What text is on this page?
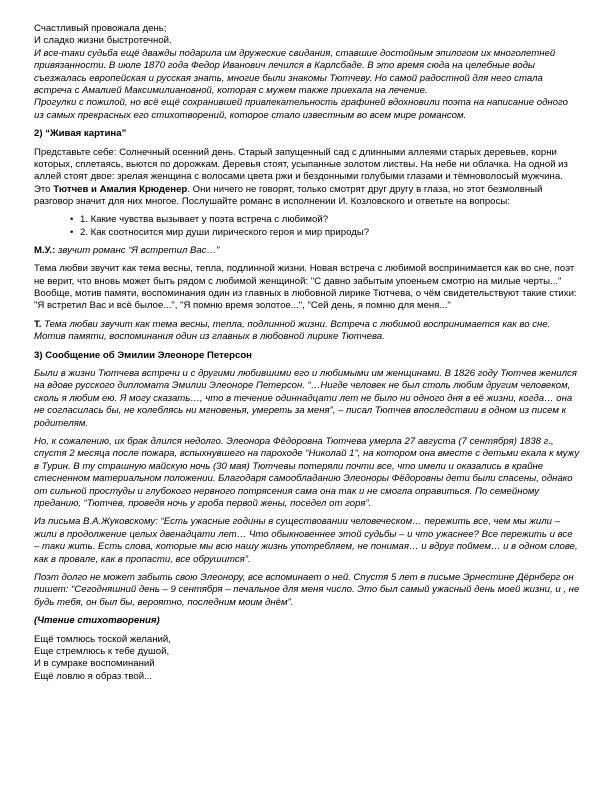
Счастливый провожала день;

И сладко жизни быстротечной.

И все-таки судьба ещё дважды подарила им дружеские свидания, ставшие достойным эпилогом их многолетней привязанности. В июле 1870 года Федор Иванович лечился в Карлсбаде. В это время сюда на целебные воды съезжалась европейская и русская знать, многие были знакомы Тютчеву. Но самой радостной для него стала встреча с Амалией Максимилиановной, которая с мужем также приехала на лечение.

Прогулки с пожилой, но всё ещё сохранившей привлекательность графиней вдохновили поэта на написание одного из самых прекрасных его стихотворений, которое стало известным во всем мире романсом.

2) “Живая картина”

Представьте себе: Солнечный осенний день. Старый запущенный сад с длинными аллеями старых деревьев, корни которых, сплетаясь, вьются по дорожкам. Деревья стоят, усыпанные золотом листвы. На небе ни облачка. На одной из аллей стоят двое: зрелая женщина с волосами цвета ржи и бездонными голубыми глазами и тёмноволосый мужчина. Это Тютчев и Амалия Крюденер. Они ничего не говорят, только смотрят друг другу в глаза, но этот безмолвный разговор значит для них многое. Послушайте романс в исполнении И. Козловского и ответьте на вопросы:

• 1. Какие чувства вызывает у поэта встреча с любимой?
• 2. Как соотносится мир души лирического героя и мир природы?

М.У.: звучит романс “Я встретил Вас…”

Тема любви звучит как тема весны, тепла, подлинной жизни. Новая встреча с любимой воспринимается как во сне, поэт не верит, что вновь может быть рядом с любимой женщиной: "С давно забытым упоеньем смотрю на милые черты..." Вообще, мотив памяти, воспоминания один из главных в любовной лирике Тютчева, о чём свидетельствуют такие стихи: "Я встретил Вас и всё былое...", "Я помню время золотое...", "Сей день, я помню для меня..."

Т. Тема любви звучит как тема весны, тепла, подлинной жизни. Встреча с любимой воспринимается как во сне. Мотив памяти, воспоминания один из главных в любовной лирике Тютчева.

3) Сообщение об Эмилии Элеоноре Петерсон

Были в жизни Тютчева встречи и с другими любившими его и любимыми им женщинами. В 1826 году Тютчев женился на вдове русского дипломата Эмилии Элеоноре Петерсон. “…Нигде человек не был столь любим другим человеком, сколь я любим ею. Я могу сказать…, что в течение одиннадцати лет не было ни одного дня в её жизни, когда… она не согласилась бы, не колеблясь ни мгновенья, умереть за меня”, – писал Тютчев впоследствии в одном из писем к родителям.

Но, к сожалению, их брак длился недолго. Элеонора Фёдоровна Тютчева умерла 27 августа (7 сентября) 1838 г., спустя 2 месяца после пожара, вспыхнувшего на пароходе “Николай 1”, на котором она вместе с детьми ехала к мужу в Турин. В ту страшную майскую ночь (30 мая) Тютчевы потеряли почти все, что имели и оказались в крайне стесненном материальном положении. Благодаря самообладанию Элеоноры Фёдоровны дети были спасены, однако от сильной простуды и глубокого нервного потрясения сама она так и не смогла оправиться. По семейному преданию, “Тютчев, проведя ночь у гроба первой жены, поседел от горя”.

Из письма В.А.Жуковскому: “Есть ужасные годины в существовании человеческом… пережить все, чем мы жили – жили в продолжение целых двенадцати лет… Что обыкновеннее этой судьбы – и что ужаснее? Все пережить и все – таки жить. Есть слова, которые мы всю нашу жизнь употребляем, не понимая… и вдруг поймем… и в одном слове, как в провале, как в пропасти, все обрушится”.

Поэт долго не может забыть свою Элеонору, все вспоминает о ней. Спустя 5 лет в письме Эрнестине Дёрнберг он пишет: “Сегодняшний день – 9 сентября – печальное для меня число. Это был самый ужасный день моей жизни, и , не будь тебя, он был бы, вероятно, последним моим днём”.

(Чтение стихотворения)

Ещё томлюсь тоской желаний,

Еще стремлюсь к тебе душой,

И в сумраке воспоминаний

Ещё ловлю я образ твой...
